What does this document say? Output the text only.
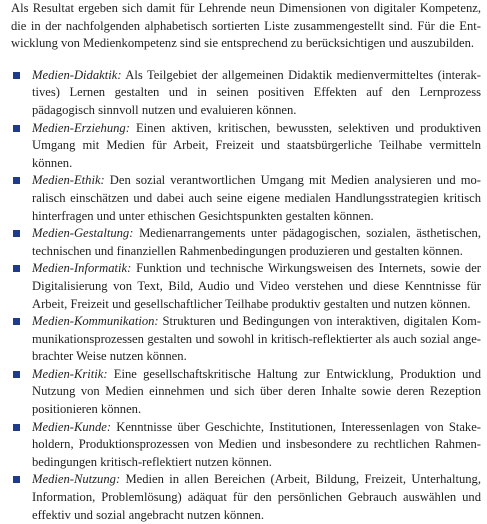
Als Resultat ergeben sich damit für Lehrende neun Dimensionen von digitaler Kompetenz, die in der nachfolgenden alphabetisch sortierten Liste zusammengestellt sind. Für die Entwicklung von Medienkompetenz sind sie entsprechend zu berücksichtigen und auszubilden.

Medien-Didaktik: Als Teilgebiet der allgemeinen Didaktik medienvermitteltes (interaktives) Lernen gestalten und in seinen positiven Effekten auf den Lernprozess pädagogisch sinnvoll nutzen und evaluieren können.
Medien-Erziehung: Einen aktiven, kritischen, bewussten, selektiven und produktiven Umgang mit Medien für Arbeit, Freizeit und staatsbürgerliche Teilhabe vermitteln können.
Medien-Ethik: Den sozial verantwortlichen Umgang mit Medien analysieren und moralisch einschätzen und dabei auch seine eigene medialen Handlungsstrategien kritisch hinterfragen und unter ethischen Gesichtspunkten gestalten können.
Medien-Gestaltung: Medienarrangements unter pädagogischen, sozialen, ästhetischen, technischen und finanziellen Rahmenbedingungen produzieren und gestalten können.
Medien-Informatik: Funktion und technische Wirkungsweisen des Internets, sowie der Digitalisierung von Text, Bild, Audio und Video verstehen und diese Kenntnisse für Arbeit, Freizeit und gesellschaftlicher Teilhabe produktiv gestalten und nutzen können.
Medien-Kommunikation: Strukturen und Bedingungen von interaktiven, digitalen Kommunikationsprozessen gestalten und sowohl in kritisch-reflektierter als auch sozial angebrachter Weise nutzen können.
Medien-Kritik: Eine gesellschaftskritische Haltung zur Entwicklung, Produktion und Nutzung von Medien einnehmen und sich über deren Inhalte sowie deren Rezeption positionieren können.
Medien-Kunde: Kenntnisse über Geschichte, Institutionen, Interessenlagen von Stakeholdern, Produktionsprozessen von Medien und insbesondere zu rechtlichen Rahmenbedingungen kritisch-reflektiert nutzen können.
Medien-Nutzung: Medien in allen Bereichen (Arbeit, Bildung, Freizeit, Unterhaltung, Information, Problemlösung) adäquat für den persönlichen Gebrauch auswählen und effektiv und sozial angebracht nutzen können.
